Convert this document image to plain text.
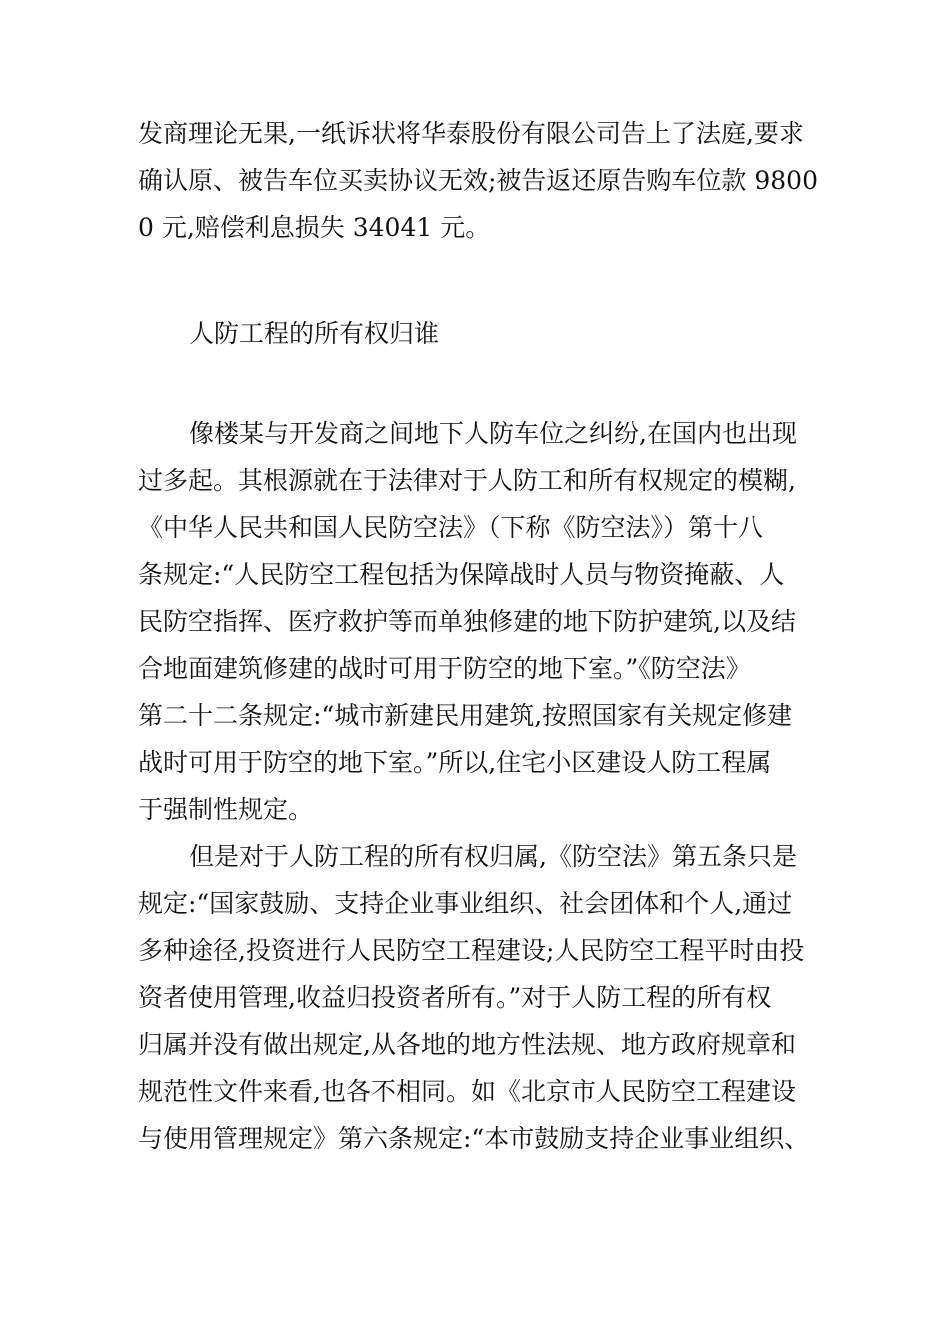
发商理论无果,一纸诉状将华泰股份有限公司告上了法庭,要求
确认原、被告车位买卖协议无效;被告返还原告购车位款 9800
0 元,赔偿利息损失 34041 元。
人防工程的所有权归谁
像楼某与开发商之间地下人防车位之纠纷,在国内也出现
过多起。其根源就在于法律对于人防工和所有权规定的模糊,
《中华人民共和国人民防空法》（下称《防空法》）第十八
条规定:“人民防空工程包括为保障战时人员与物资掩蔽、人
民防空指挥、医疗救护等而单独修建的地下防护建筑,以及结
合地面建筑修建的战时可用于防空的地下室。”《防空法》
第二十二条规定:“城市新建民用建筑,按照国家有关规定修建
战时可用于防空的地下室。”所以,住宅小区建设人防工程属
于强制性规定。
但是对于人防工程的所有权归属,《防空法》第五条只是
规定:“国家鼓励、支持企业事业组织、社会团体和个人,通过
多种途径,投资进行人民防空工程建设;人民防空工程平时由投
资者使用管理,收益归投资者所有。”对于人防工程的所有权
归属并没有做出规定,从各地的地方性法规、地方政府规章和
规范性文件来看,也各不相同。如《北京市人民防空工程建设
与使用管理规定》第六条规定:“本市鼓励支持企业事业组织、
